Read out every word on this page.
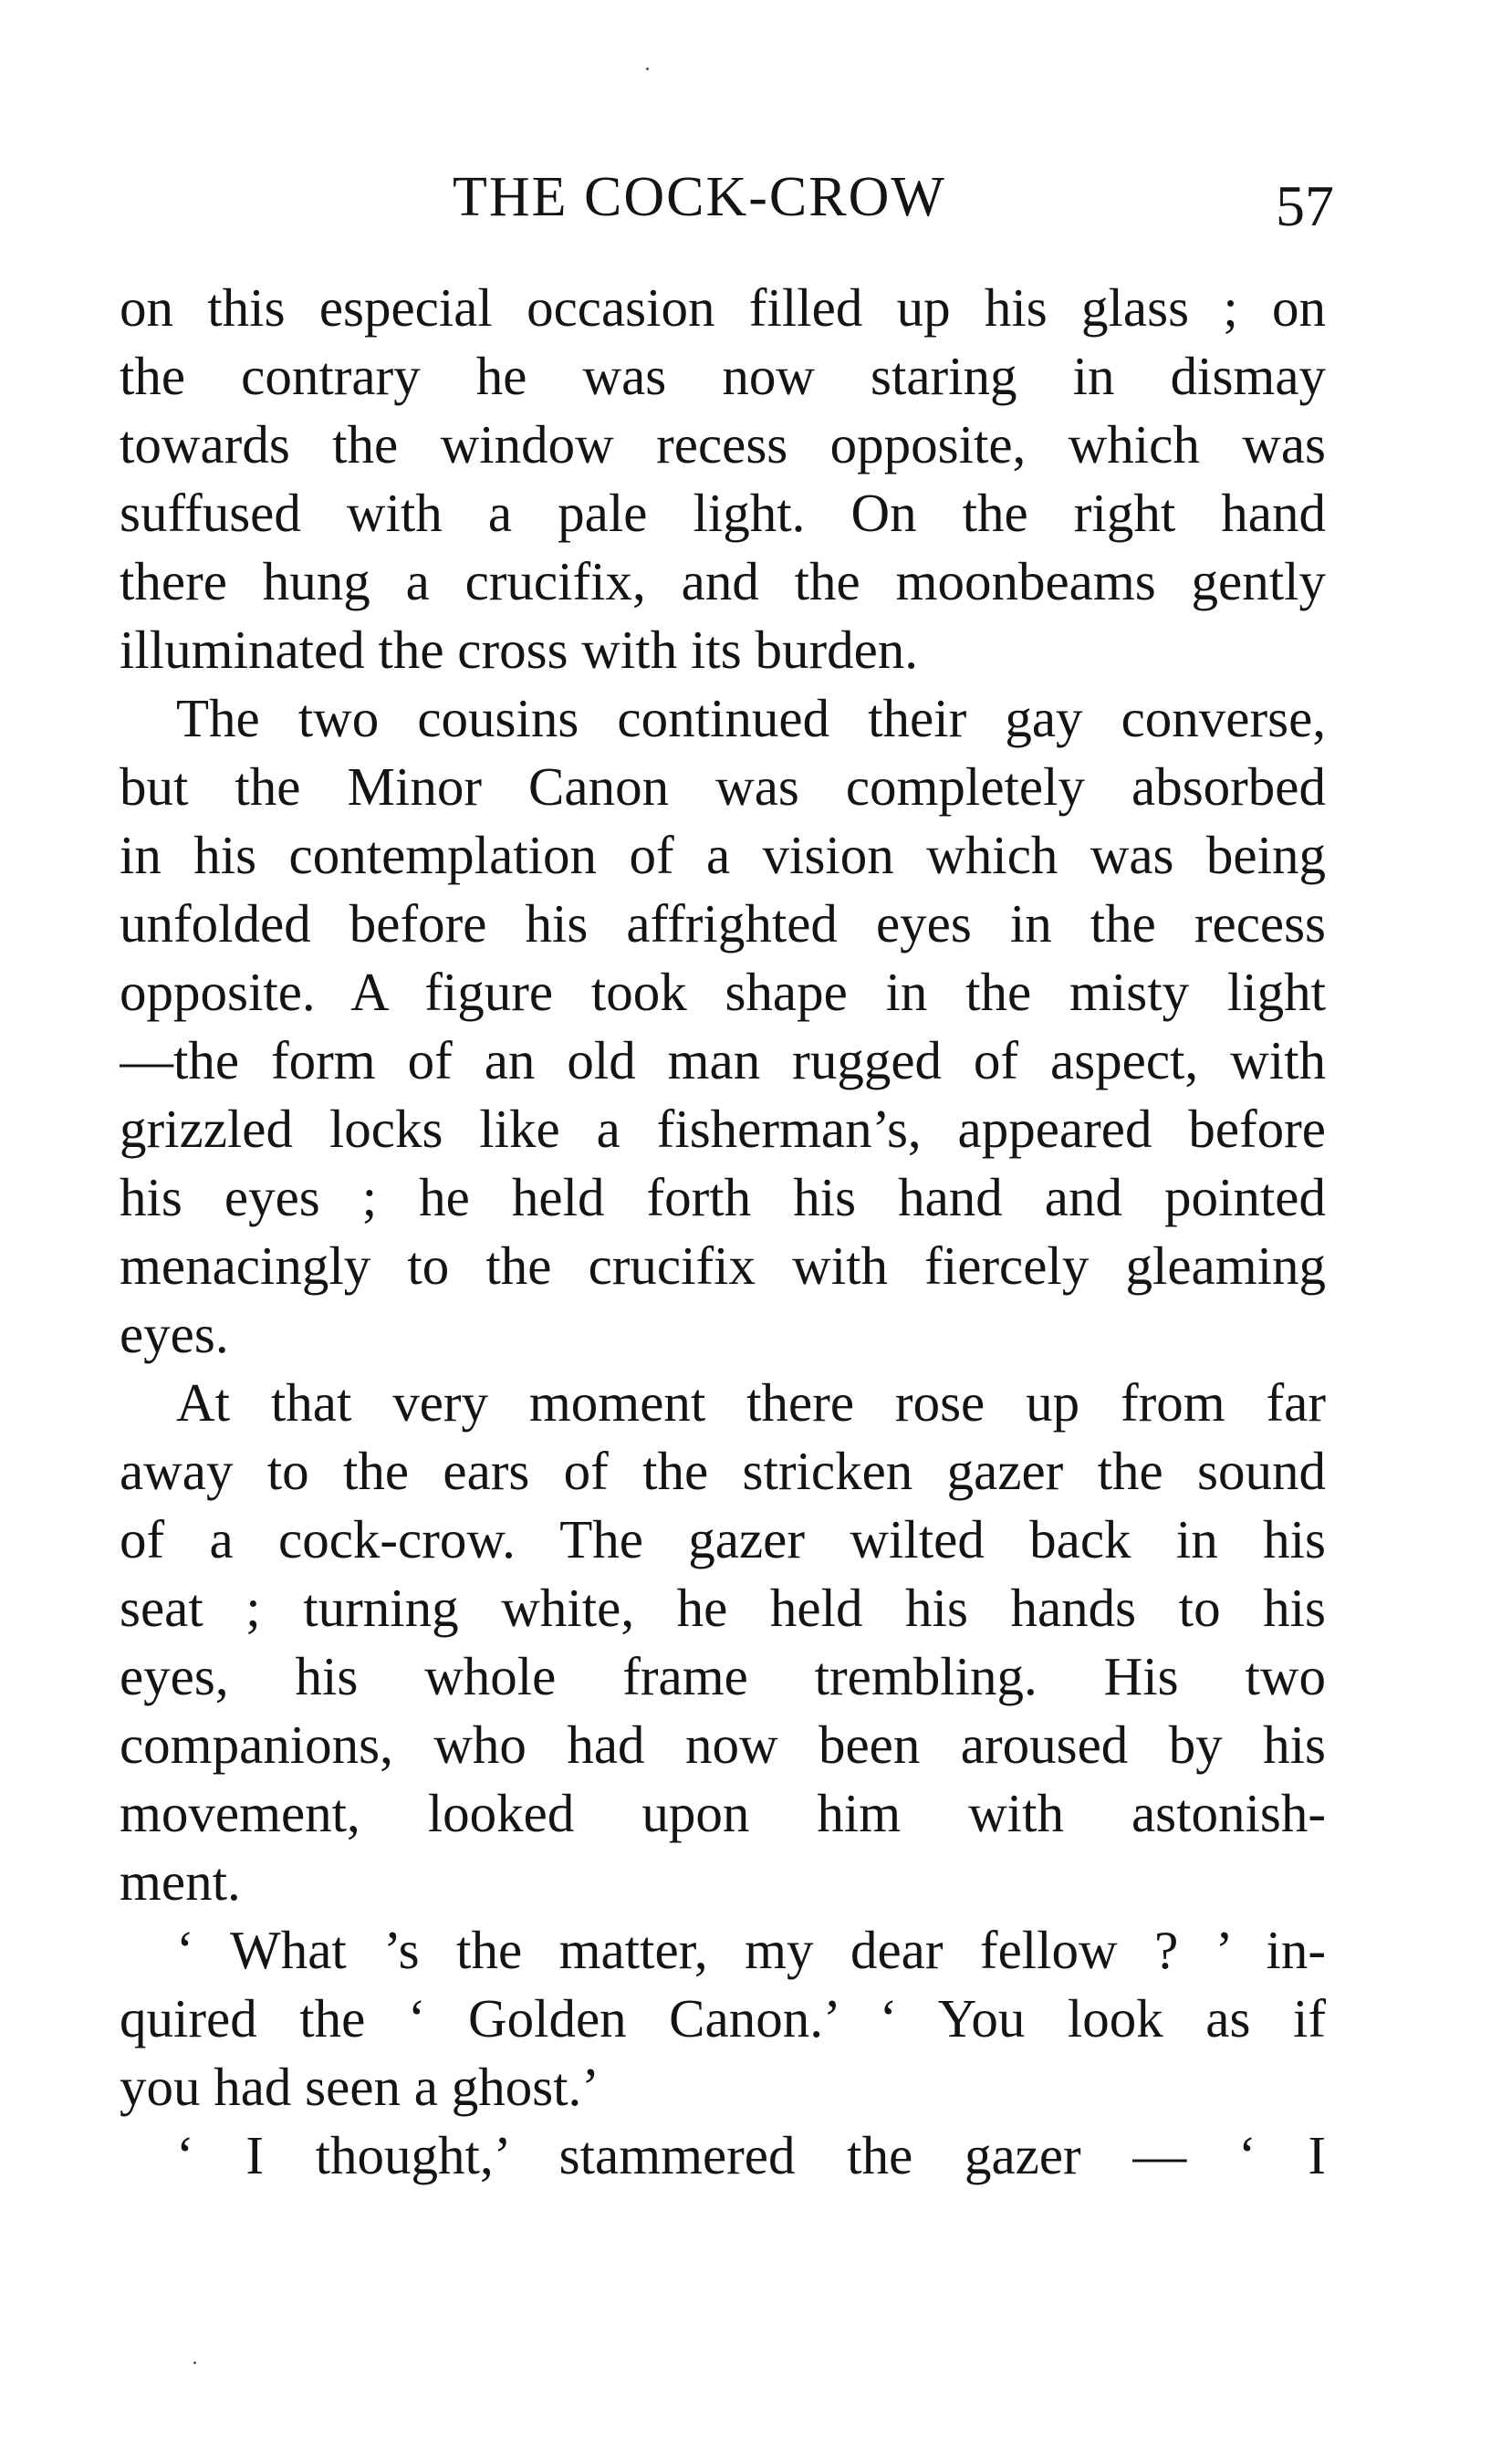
THE COCK-CROW	57
on this especial occasion filled up his glass ; on
the contrary he was now staring in dismay
towards the window recess opposite, which was
suffused with a pale light. On the right hand
there hung a crucifix, and the moonbeams gently
illuminated the cross with its burden.
The two cousins continued their gay converse,
but the Minor Canon was completely absorbed
in his contemplation of a vision which was being
unfolded before his affrighted eyes in the recess
opposite. A figure took shape in the misty light
—the form of an old man rugged of aspect, with
grizzled locks like a fisherman’s, appeared before
his eyes ; he held forth his hand and pointed
menacingly to the crucifix with fiercely gleaming
eyes.
At that very moment there rose up from far
away to the ears of the stricken gazer the sound
of a cock-crow. The gazer wilted back in his
seat ; turning white, he held his hands to his
eyes, his whole frame trembling. His two
companions, who had now been aroused by his
movement, looked upon him with astonish-
ment.
‘ What ’s the matter, my dear fellow ? ’ in-
quired the ‘ Golden Canon.’ ‘ You look as if
you had seen a ghost.’
‘ I thought,’ stammered the gazer — ‘ I
